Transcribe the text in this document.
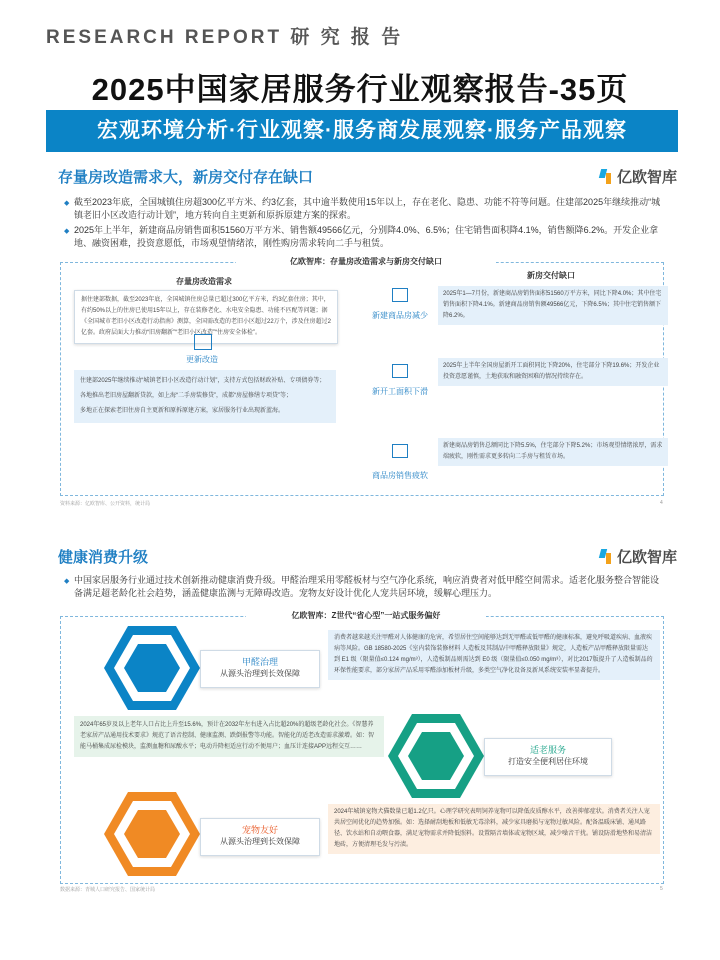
RESEARCH REPORT 研 究 报 告
2025中国家居服务行业观察报告-35页
宏观环境分析·行业观察·服务商发展观察·服务产品观察
存量房改造需求大，新房交付存在缺口	亿欧智库
◆ 截至2023年底，全国城镇住房超300亿平方米、约3亿套，其中逾半数使用15年以上，存在老化、隐患、功能不符等问题。住建部2025年继续推动“城镇老旧小区改造行动计划”，地方转向自主更新和原拆原建方案的探索。
◆ 2025年上半年，新建商品房销售面积51560万平方米、销售额49566亿元，分别降4.0%、6.5%；住宅销售面积降4.1%，销售额降6.2%。开发企业拿地、融资困难，投资意愿低，市场观望情绪浓，刚性购房需求转向二手与租赁。
亿欧智库：存量房改造需求与新房交付缺口
存量房改造需求
据住建部数据，截至2023年底，全国城镇住房总量已超过300亿平方米，约3亿套住房；其中，有约50%以上的住房已使用15年以上，存在装修老化、水电安全隐患、功能不匹配等问题；据《全国城市老旧小区改造行动指南》测算，全国需改造的老旧小区超过22万个，涉及住房超过2亿套。政府层面大力推动“旧房翻新”“老旧小区改造”“住房安全体检”。
更新改造
住建部2025年继续推动“城镇老旧小区改造行动计划”，支持方式包括财政补贴、专项债券等；
各地推出老旧房屋翻新贷款，如上海“二手房装修贷”，成都“房屋修缮专项贷”等；
多地正在探索老旧住房自主更新和原拆原建方案，家居服务行业出现新蓝海。
新房交付缺口
新建商品房减少
2025年1—7月份，新建商品房销售面积51560万平方米，同比下降4.0%；其中住宅销售面积下降4.1%。新建商品房销售额49566亿元，下降6.5%；其中住宅销售额下降6.2%。
新开工面积下滑
2025年上半年全国房屋新开工面积同比下降20%，住宅部分下降19.6%；开发企业投资意愿谨慎，土地获取和融资困难的情况持续存在。
商品房销售疲软
新建商品房销售总额同比下降5.5%，住宅部分下降5.2%；市场观望情绪浓厚，需求端疲软，刚性需求更多转向二手房与租赁市场。
资料来源：亿欧智库、公开资料，统计局	4
健康消费升级	亿欧智库
◆ 中国家居服务行业通过技术创新推动健康消费升级。甲醛治理采用零醛板材与空气净化系统，响应消费者对低甲醛空间需求。适老化服务整合智能设备满足超老龄化社会趋势，涵盖健康监测与无障碍改造。宠物友好设计优化人宠共居环境，缓解心理压力。
亿欧智库：Z世代“省心型”一站式服务偏好
甲醛治理
从源头治理到长效保障
消费者越来越关注甲醛对人体健康的危害，希望居住空间能够达到无甲醛或低甲醛的健康标准，避免呼吸道疾病、血液疾病等风险。GB 18580-2025《室内装饰装修材料 人造板及其制品中甲醛释放限量》规定，人造板产品甲醛释放限量需达到 E1 级（限量值≤0.124 mg/m³），人造板制品则需达到 E0 级（限量值≤0.050 mg/m³），对比2017版提升了人造板制品的环保性能要求，部分家居产品采用零醛添加板材升级，多类空气净化设备及新风系统安装率显著提升。
2024年65岁及以上老年人口占比上升至15.6%，预计在2032年左右进入占比超20%的超级老龄化社会。《智慧养老家居产品通用技术要求》规范了语音控制、健康监测、跌倒报警等功能。智能化的适老改造需求激增。如：智能马桶集成尿检模块，监测血糖和尿酸水平；电动升降柜适应行动不便用户；血压计连接APP远程交互……	适老服务
打造安全便利居住环境
宠物友好
从源头治理到长效保障
2024年城镇宠物犬猫数量已超1.2亿只。心理学研究表明饲养宠物可以降低皮质醇水平，改善抑郁症状。消费者关注人宠共居空间优化的趋势加强。如：选择耐刮地板和低敏无毒涂料，减少家具磨损与宠物过敏风险。配备温暖床铺、通风路径、饮水站和自动喂食器，满足宠物需求并降低照料。设置隔音墙体或宠物区域，减少噪音干扰。铺设防滑地垫和易清洁地砖，方便清理毛发与污渍。
数据来源：青城人口研究报告、国家统计局	5
